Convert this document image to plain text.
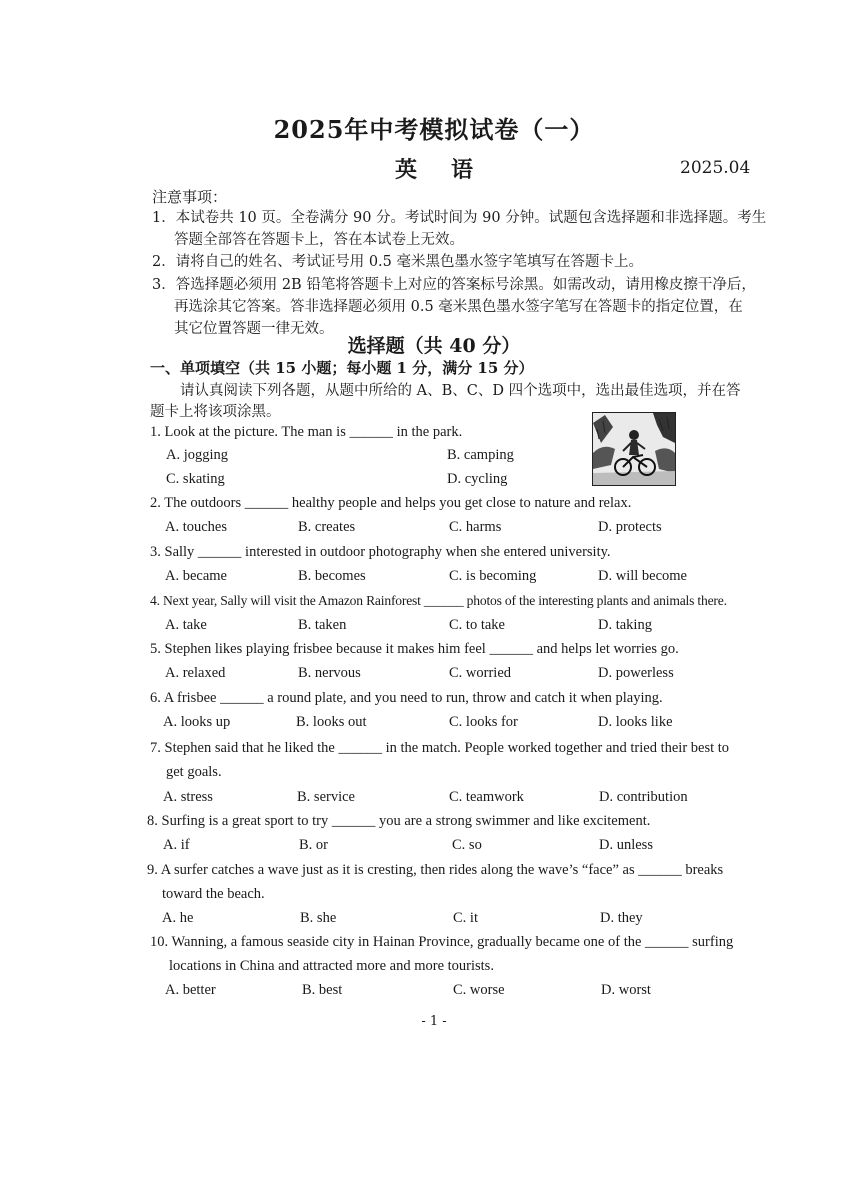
2025年中考模拟试卷（一）
英语	2025.04
注意事项：
1．本试卷共 10 页。全卷满分 90 分。考试时间为 90 分钟。试题包含选择题和非选择题。考生
答题全部答在答题卡上，答在本试卷上无效。
2．请将自己的姓名、考试证号用 0.5 毫米黑色墨水签字笔填写在答题卡上。
3．答选择题必须用 2B 铅笔将答题卡上对应的答案标号涂黑。如需改动，请用橡皮擦干净后，
再选涂其它答案。答非选择题必须用 0.5 毫米黑色墨水签字笔写在答题卡的指定位置，在
其它位置答题一律无效。
选择题（共 40 分）
一、单项填空（共 15 小题；每小题 1 分，满分 15 分）
请认真阅读下列各题，从题中所给的 A、B、C、D 四个选项中，选出最佳选项，并在答
题卡上将该项涂黑。
1. Look at the picture. The man is ______ in the park.
A. jogging	B. camping
C. skating	D. cycling
2. The outdoors ______ healthy people and helps you get close to nature and relax.
A. touches	B. creates	C. harms	D. protects
3. Sally ______ interested in outdoor photography when she entered university.
A. became	B. becomes	C. is becoming	D. will become
4. Next year, Sally will visit the Amazon Rainforest ______ photos of the interesting plants and animals there.
A. take	B. taken	C. to take	D. taking
5. Stephen likes playing frisbee because it makes him feel ______ and helps let worries go.
A. relaxed	B. nervous	C. worried	D. powerless
6. A frisbee ______ a round plate, and you need to run, throw and catch it when playing.
A. looks up	B. looks out	C. looks for	D. looks like
7. Stephen said that he liked the ______ in the match. People worked together and tried their best to
get goals.
A. stress	B. service	C. teamwork	D. contribution
8. Surfing is a great sport to try ______ you are a strong swimmer and like excitement.
A. if	B. or	C. so	D. unless
9. A surfer catches a wave just as it is cresting, then rides along the wave’s “face” as ______ breaks
toward the beach.
A. he	B. she	C. it	D. they
10. Wanning, a famous seaside city in Hainan Province, gradually became one of the ______ surfing
locations in China and attracted more and more tourists.
A. better	B. best	C. worse	D. worst
- 1 -
